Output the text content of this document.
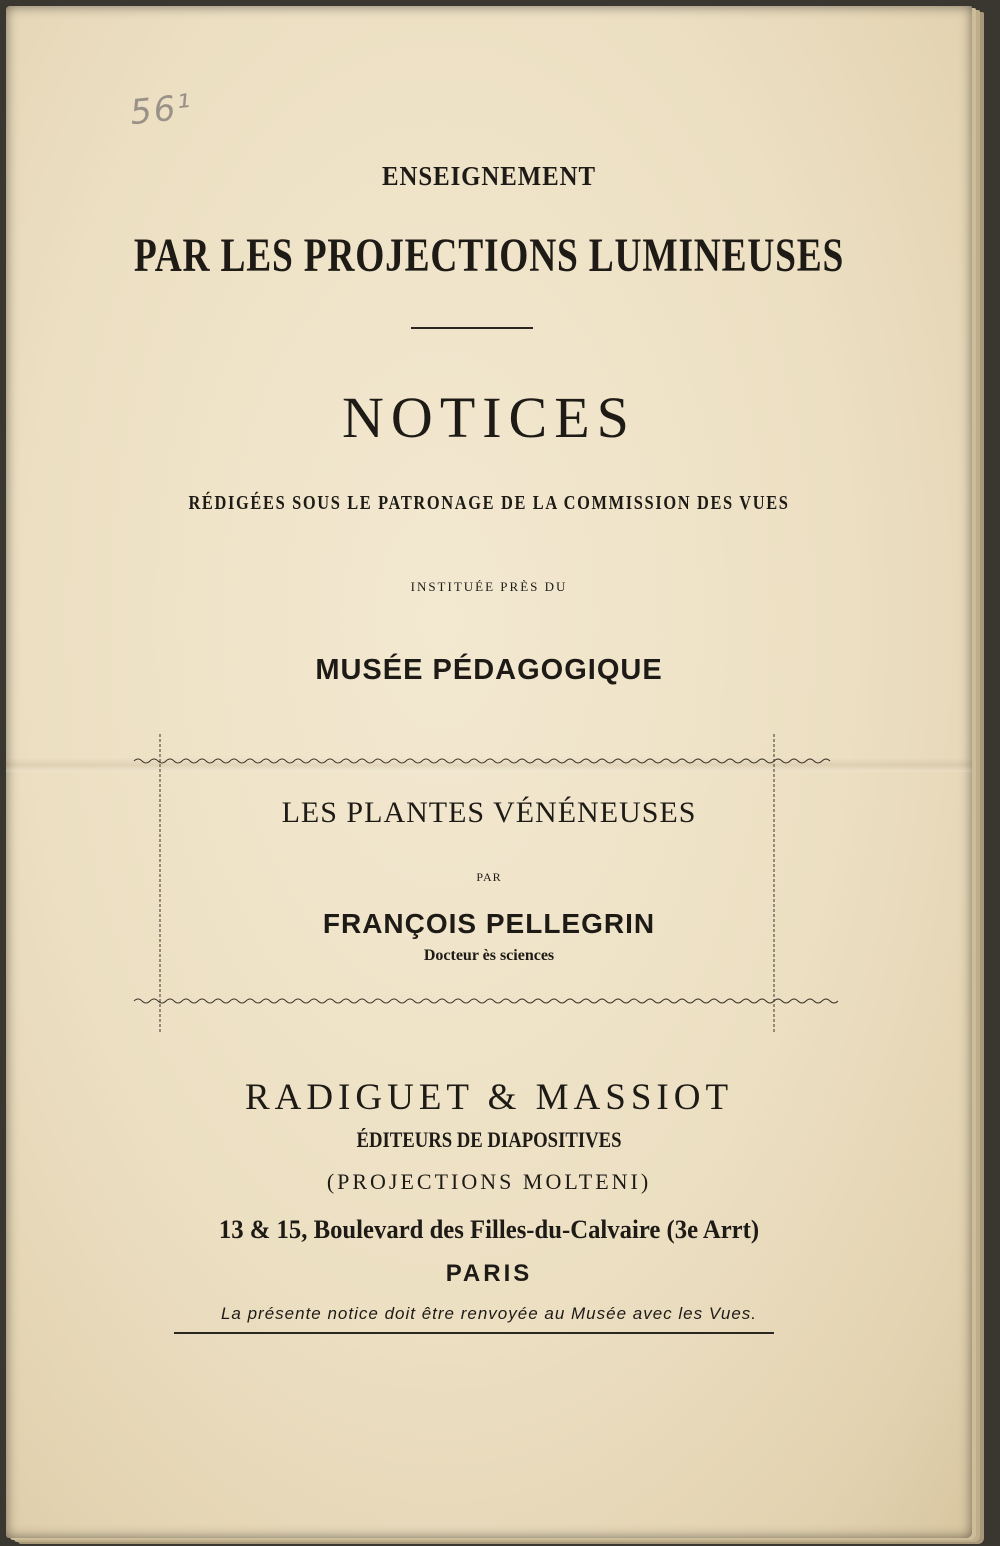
56¹

ENSEIGNEMENT

PAR LES PROJECTIONS LUMINEUSES

NOTICES

RÉDIGÉES SOUS LE PATRONAGE DE LA COMMISSION DES VUES

INSTITUÉE PRÈS DU

MUSÉE PÉDAGOGIQUE

LES PLANTES VÉNÉNEUSES

PAR

FRANÇOIS PELLEGRIN

Docteur ès sciences

RADIGUET & MASSIOT

ÉDITEURS DE DIAPOSITIVES

(PROJECTIONS MOLTENI)

13 & 15, Boulevard des Filles-du-Calvaire (3e Arrt)

PARIS

La présente notice doit être renvoyée au Musée avec les Vues.
